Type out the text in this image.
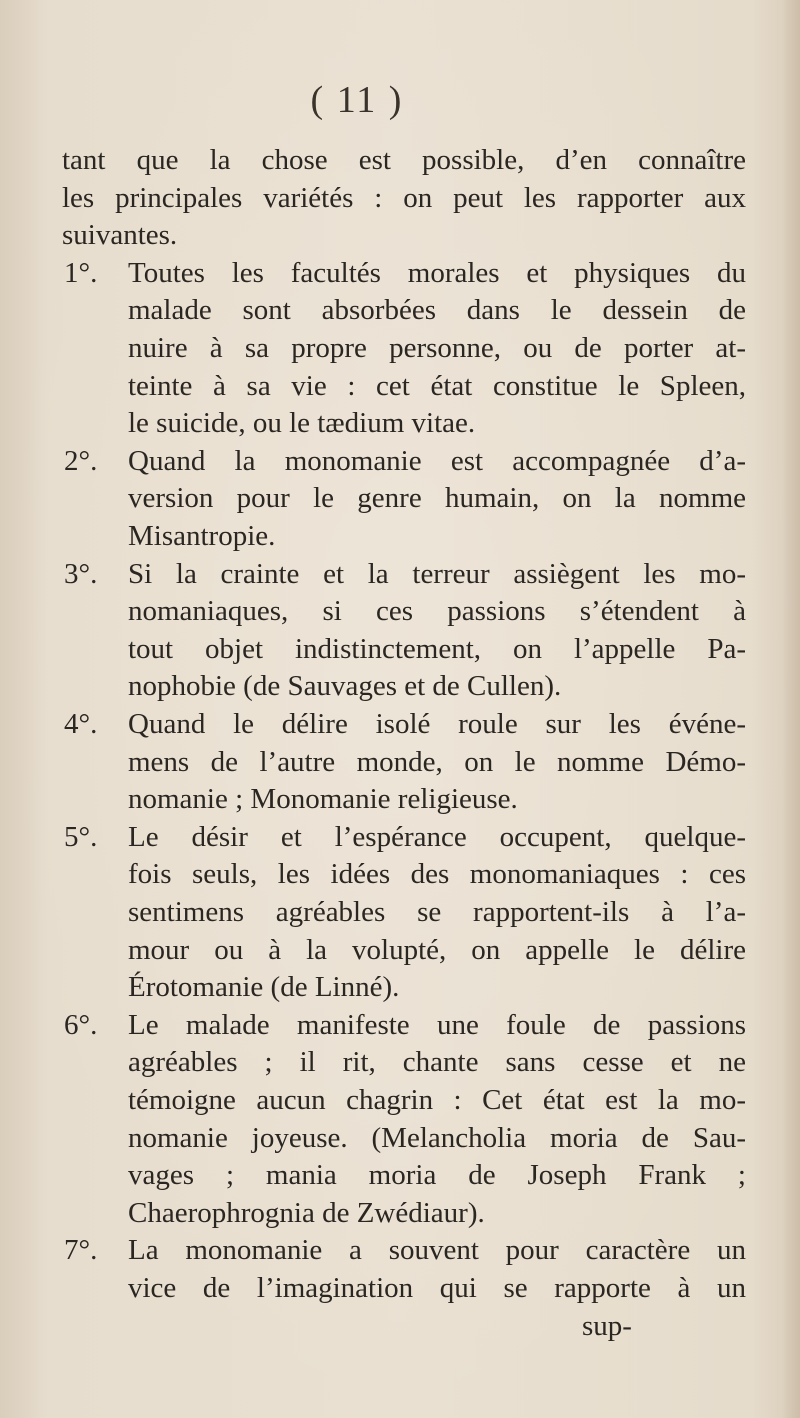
( 11 )
tant que la chose est possible, d’en connaître
les principales variétés : on peut les rapporter aux
suivantes.
Toutes les facultés morales et physiques du
1°.
malade sont absorbées dans le dessein de
nuire à sa propre personne, ou de porter at-
teinte à sa vie : cet état constitue le Spleen,
le suicide, ou le tædium vitae.
Quand la monomanie est accompagnée d’a-
2°.
version pour le genre humain, on la nomme
Misantropie.
Si la crainte et la terreur assiègent les mo-
3°.
nomaniaques, si ces passions s’étendent à
tout objet indistinctement, on l’appelle Pa-
nophobie (de Sauvages et de Cullen).
Quand le délire isolé roule sur les événe-
4°.
mens de l’autre monde, on le nomme Démo-
nomanie ; Monomanie religieuse.
Le désir et l’espérance occupent, quelque-
5°.
fois seuls, les idées des monomaniaques : ces
sentimens agréables se rapportent-ils à l’a-
mour ou à la volupté, on appelle le délire
Érotomanie (de Linné).
Le malade manifeste une foule de passions
6°.
agréables ; il rit, chante sans cesse et ne
témoigne aucun chagrin : Cet état est la mo-
nomanie joyeuse. (Melancholia moria de Sau-
vages ; mania moria de Joseph Frank ;
Chaerophrognia de Zwédiaur).
La monomanie a souvent pour caractère un
7°.
vice de l’imagination qui se rapporte à un
sup-
